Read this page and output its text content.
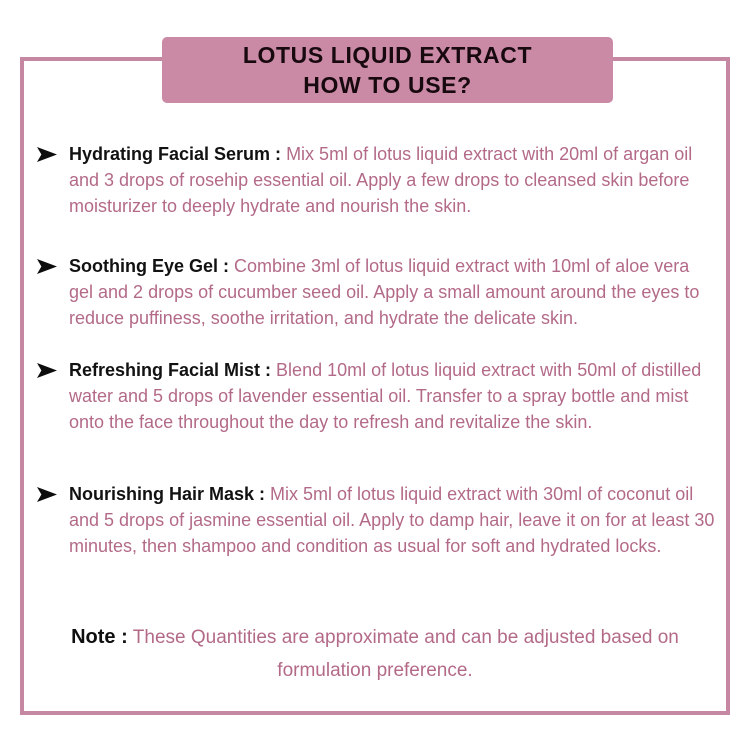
LOTUS LIQUID EXTRACT
HOW TO USE?
Hydrating Facial Serum : Mix 5ml of lotus liquid extract with 20ml of argan oil and 3 drops of rosehip essential oil. Apply a few drops to cleansed skin before moisturizer to deeply hydrate and nourish the skin.
Soothing Eye Gel : Combine 3ml of lotus liquid extract with 10ml of aloe vera gel and 2 drops of cucumber seed oil. Apply a small amount around the eyes to reduce puffiness, soothe irritation, and hydrate the delicate skin.
Refreshing Facial Mist : Blend 10ml of lotus liquid extract with 50ml of distilled water and 5 drops of lavender essential oil. Transfer to a spray bottle and mist onto the face throughout the day to refresh and revitalize the skin.
Nourishing Hair Mask : Mix 5ml of lotus liquid extract with 30ml of coconut oil and 5 drops of jasmine essential oil. Apply to damp hair, leave it on for at least 30 minutes, then shampoo and condition as usual for soft and hydrated locks.
Note : These Quantities are approximate and can be adjusted based on formulation preference.
